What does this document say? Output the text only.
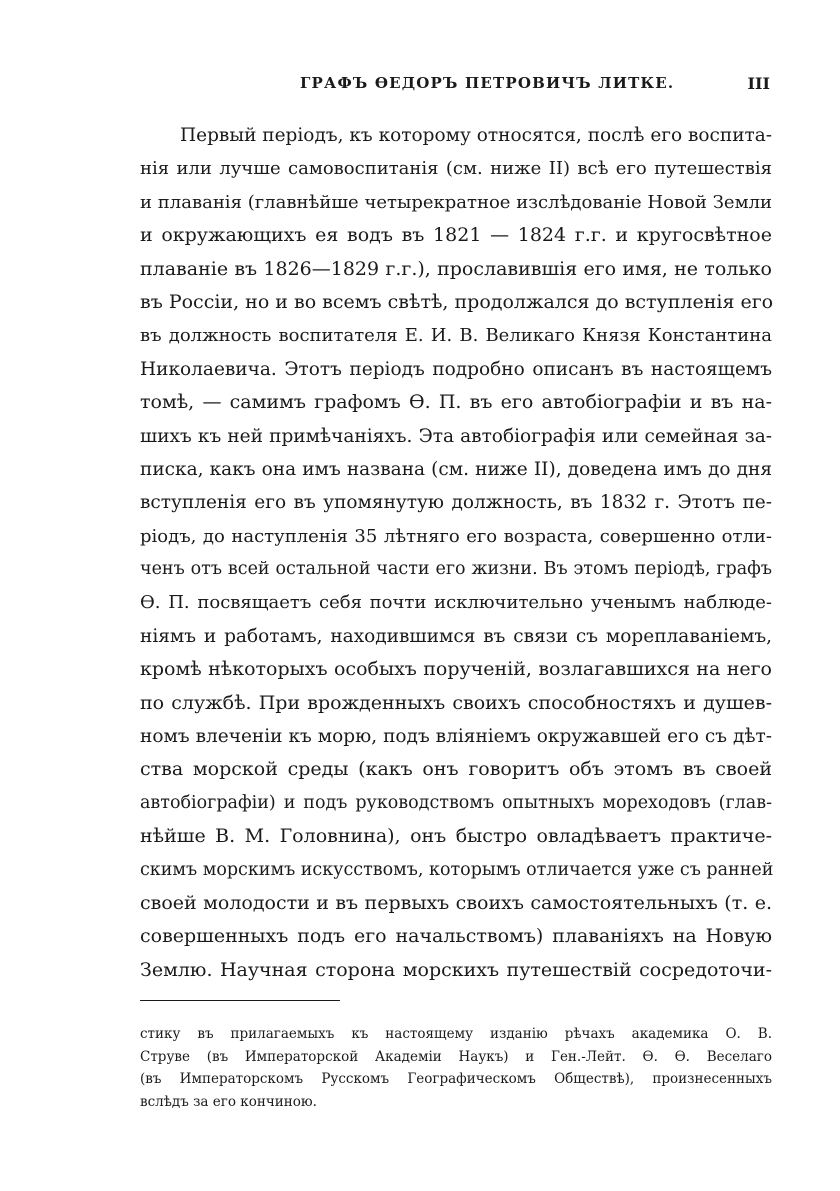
ГРАФЪ ѲЕДОРЪ ПЕТРОВИЧЪ ЛИТКЕ.	III
Первый періодъ, къ которому относятся, послѣ его воспита-
нія или лучше самовоспитанія (см. ниже II) всѣ его путешествія
и плаванія (главнѣйше четырекратное изслѣдованіе Новой Земли
и окружающихъ ея водъ въ 1821 — 1824 г.г. и кругосвѣтное
плаваніе въ 1826—1829 г.г.), прославившія его имя, не только
въ Россіи, но и во всемъ свѣтѣ, продолжался до вступленія его
въ должность воспитателя Е. И. В. Великаго Князя Константина
Николаевича. Этотъ періодъ подробно описанъ въ настоящемъ
томѣ, — самимъ графомъ Ѳ. П. въ его автобіографіи и въ на-
шихъ къ ней примѣчаніяхъ. Эта автобіографія или семейная за-
писка, какъ она имъ названа (см. ниже II), доведена имъ до дня
вступленія его въ упомянутую должность, въ 1832 г. Этотъ пе-
ріодъ, до наступленія 35 лѣтняго его возраста, совершенно отли-
ченъ отъ всей остальной части его жизни. Въ этомъ періодѣ, графъ
Ѳ. П. посвящаетъ себя почти исключительно ученымъ наблюде-
ніямъ и работамъ, находившимся въ связи съ мореплаваніемъ,
кромѣ нѣкоторыхъ особыхъ порученій, возлагавшихся на него
по службѣ. При врожденныхъ своихъ способностяхъ и душев-
номъ влеченіи къ морю, подъ вліяніемъ окружавшей его съ дѣт-
ства морской среды (какъ онъ говоритъ объ этомъ въ своей
автобіографіи) и подъ руководствомъ опытныхъ мореходовъ (глав-
нѣйше В. М. Головнина), онъ быстро овладѣваетъ практиче-
скимъ морскимъ искусствомъ, которымъ отличается уже съ ранней
своей молодости и въ первыхъ своихъ самостоятельныхъ (т. е.
совершенныхъ подъ его начальствомъ) плаваніяхъ на Новую
Землю. Научная сторона морскихъ путешествій сосредоточи-
стику въ прилагаемыхъ къ настоящему изданію рѣчахъ академика О. В.
Струве (въ Императорской Академіи Наукъ) и Ген.-Лейт. Ѳ. Ѳ. Веселаго
(въ Императорскомъ Русскомъ Географическомъ Обществѣ), произнесенныхъ
вслѣдъ за его кончиною.
